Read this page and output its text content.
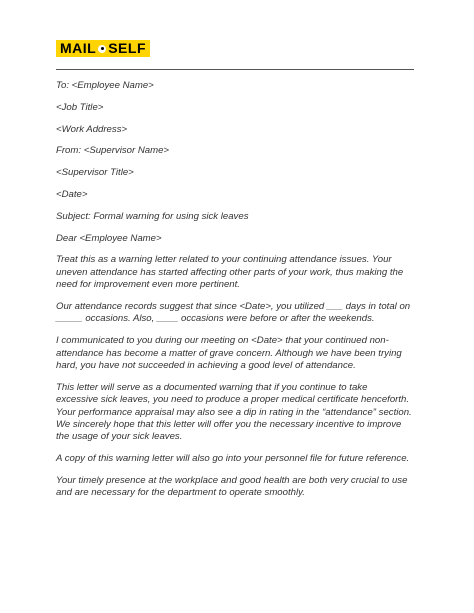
MAIL SELF

To: <Employee Name>

<Job Title>

<Work Address>

From: <Supervisor Name>

<Supervisor Title>

<Date>

Subject: Formal warning for using sick leaves

Dear <Employee Name>

Treat this as a warning letter related to your continuing attendance issues. Your uneven attendance has started affecting other parts of your work, thus making the need for improvement even more pertinent.

Our attendance records suggest that since <Date>, you utilized ___ days in total on _____ occasions. Also, ____ occasions were before or after the weekends.

I communicated to you during our meeting on <Date> that your continued non-attendance has become a matter of grave concern. Although we have been trying hard, you have not succeeded in achieving a good level of attendance.

This letter will serve as a documented warning that if you continue to take excessive sick leaves, you need to produce a proper medical certificate henceforth. Your performance appraisal may also see a dip in rating in the “attendance” section. We sincerely hope that this letter will offer you the necessary incentive to improve the usage of your sick leaves.

A copy of this warning letter will also go into your personnel file for future reference.

Your timely presence at the workplace and good health are both very crucial to use and are necessary for the department to operate smoothly.
